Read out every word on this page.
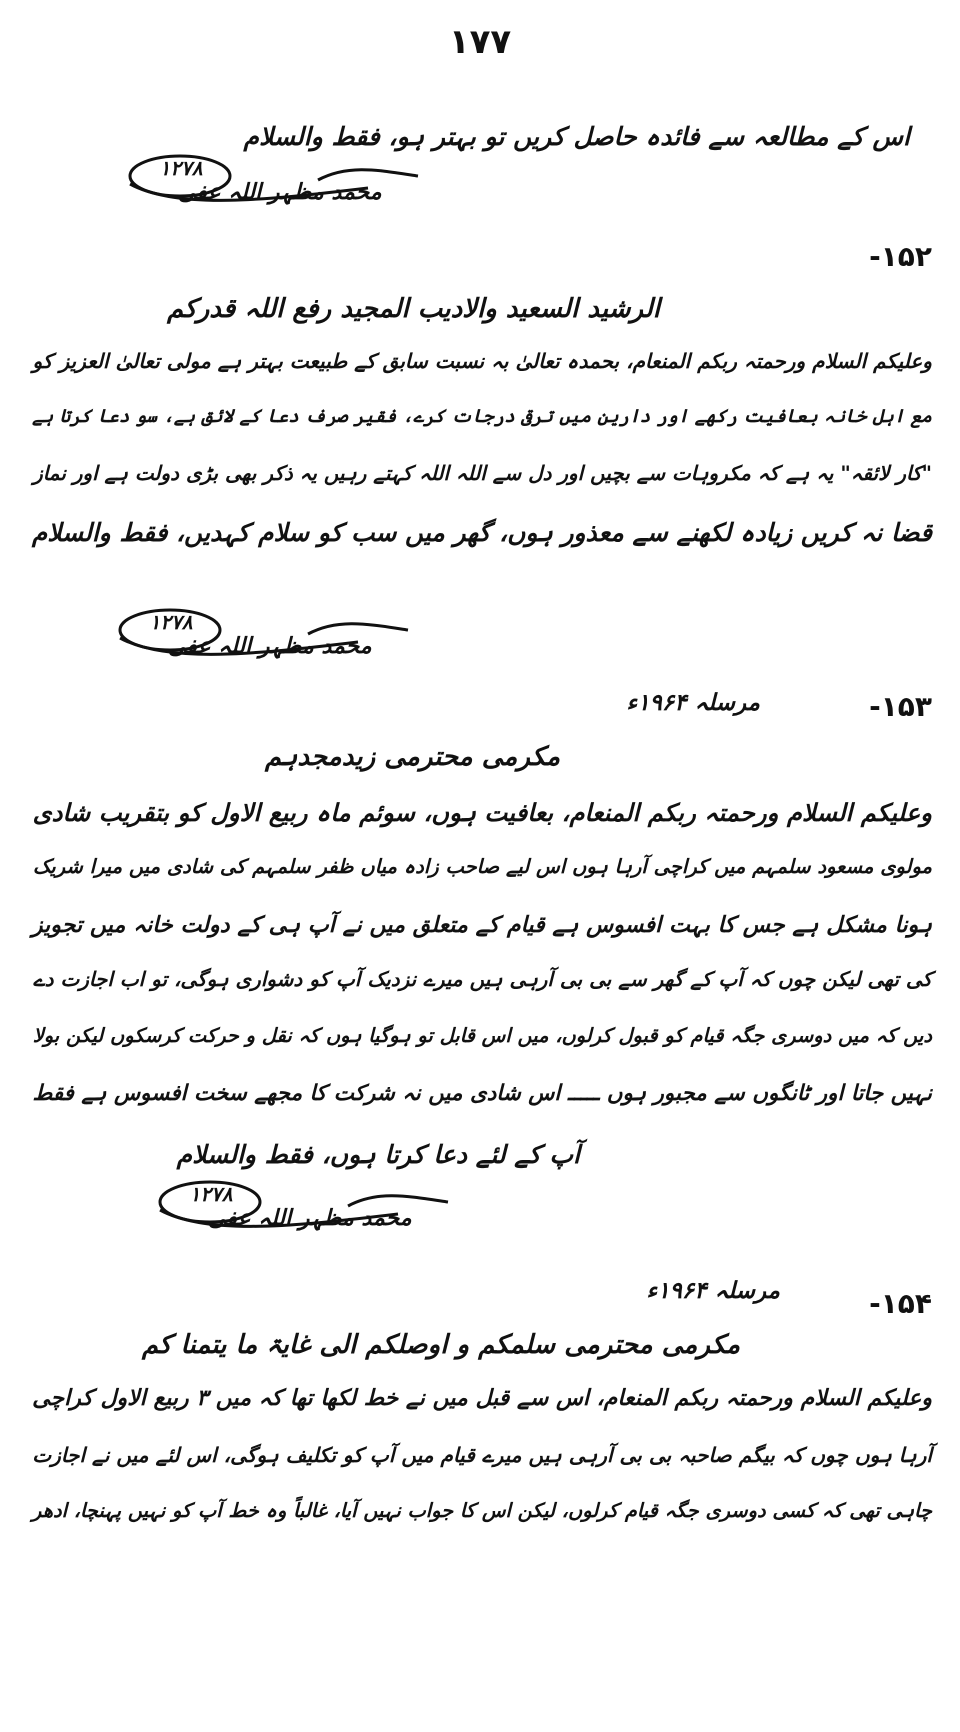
۱۷۷
اس کے مطالعہ سے فائدہ حاصل کریں تو بہتر ہو، فقط والسلام
۱۲۷۸
محمد مظہر اللہ عفی
۱۵۲-
الرشید السعید والادیب المجید رفع اللہ قدرکم
وعلیکم السلام ورحمتہ ربکم المنعام، بحمدہ تعالیٰ بہ نسبت سابق کے طبیعت بہتر ہے مولی تعالیٰ العزیز کو
مع اہل خانہ بعافیت رکھے اور دارین میں ترقی درجات کرے، فقیر صرف دعا کے لائق ہے، سو دعا کرتا ہے
"کار لائقہ" یہ ہے کہ مکروہات سے بچیں اور دل سے اللہ اللہ کہتے رہیں یہ ذکر بھی بڑی دولت ہے اور نماز
قضا نہ کریں زیادہ لکھنے سے معذور ہوں، گھر میں سب کو سلام کہدیں، فقط والسلام
۱۲۷۸
محمد مظہر اللہ عفی
۱۵۳-
مرسلہ ۱۹۶۴ء
مکرمی محترمی زیدمجدہم
وعلیکم السلام ورحمتہ ربکم المنعام، بعافیت ہوں، سوئم ماہ ربیع الاول کو بتقریب شادی
مولوی مسعود سلمہم میں کراچی آرہا ہوں اس لیے صاحب زادہ میاں ظفر سلمہم کی شادی میں میرا شریک
ہونا مشکل ہے جس کا بہت افسوس ہے قیام کے متعلق میں نے آپ ہی کے دولت خانہ میں تجویز
کی تھی لیکن چوں کہ آپ کے گھر سے بی بی آرہی ہیں میرے نزدیک آپ کو دشواری ہوگی، تو اب اجازت دے
دیں کہ میں دوسری جگہ قیام کو قبول کرلوں، میں اس قابل تو ہوگیا ہوں کہ نقل و حرکت کرسکوں لیکن بولا
نہیں جاتا اور ٹانگوں سے مجبور ہوں ـــــ اس شادی میں نہ شرکت کا مجھے سخت افسوس ہے فقط
آپ کے لئے دعا کرتا ہوں، فقط والسلام
۱۲۷۸
محمد مظہر اللہ عفی
۱۵۴-
مرسلہ ۱۹۶۴ء
مکرمی محترمی سلمکم و اوصلکم الی غایۃ ما یتمنا کم
وعلیکم السلام ورحمتہ ربکم المنعام، اس سے قبل میں نے خط لکھا تھا کہ میں ۳ ربیع الاول کراچی
آرہا ہوں چوں کہ بیگم صاحبہ بی بی آرہی ہیں میرے قیام میں آپ کو تکلیف ہوگی، اس لئے میں نے اجازت
چاہی تھی کہ کسی دوسری جگہ قیام کرلوں، لیکن اس کا جواب نہیں آیا، غالباً وہ خط آپ کو نہیں پہنچا، ادھر
